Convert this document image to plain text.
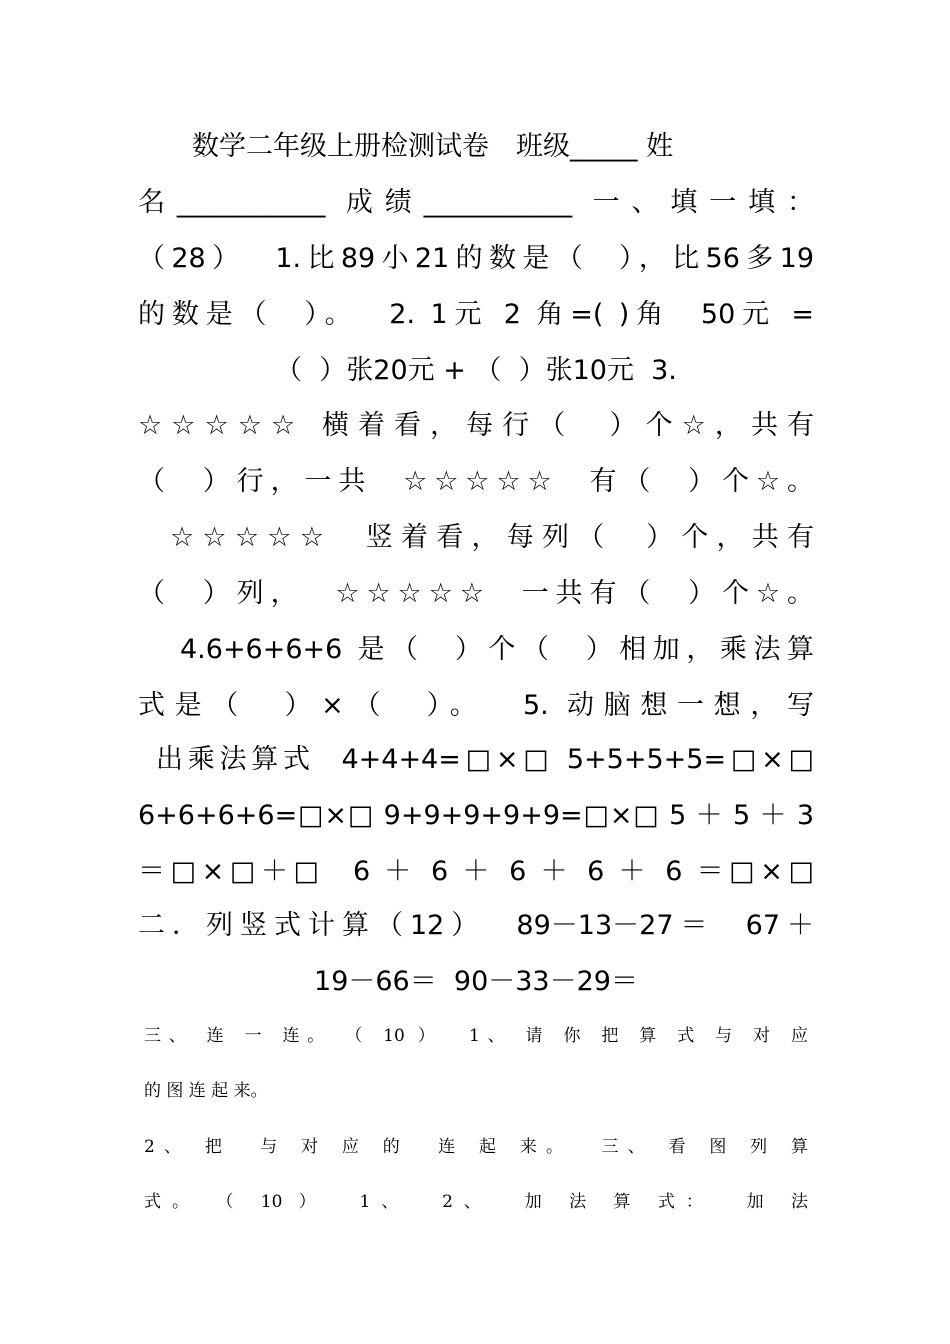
　　数学二年级上册检测试卷　班级_____ 姓
名___________ 成绩___________ 一、填一填：
（28）  1.比89小21的数是（  ），比56多19
的数是（  ）。  2. 1元 2 角=( )角  50元 =
（  ）张20元 + （  ）张10元  3.
☆☆☆☆☆ 横着看，每行（  ）个☆，共有
（  ）行，一共  ☆☆☆☆☆  有（  ）个☆。
☆☆☆☆☆  竖着看，每列（  ）个，共有
（  ）列，  ☆☆☆☆☆  一共有（  ）个☆。
4.6+6+6+6 是（  ）个（  ）相加，乘法算
式是（  ）×（  ）。  5. 动脑想一想，写
出乘法算式  4+4+4=□×□ 5+5+5+5=□×□
6+6+6+6=□×□ 9+9+9+9+9=□×□ 5 ＋ 5 ＋ 3
＝□×□＋□  6 ＋ 6 ＋ 6 ＋ 6 ＋ 6 ＝□×□
二．列竖式计算（12）  89－13－27＝  67＋
19－66＝  90－33－29＝
三、 连 一 连。 （ 10 ）  1、 请 你 把 算 式 与 对 应
的 图 连 起 来。
2、 把  与 对 应 的  连 起 来。  三、 看 图 列 算
式。 （ 10 ）  1、  2、  加 法 算 式：  加 法
